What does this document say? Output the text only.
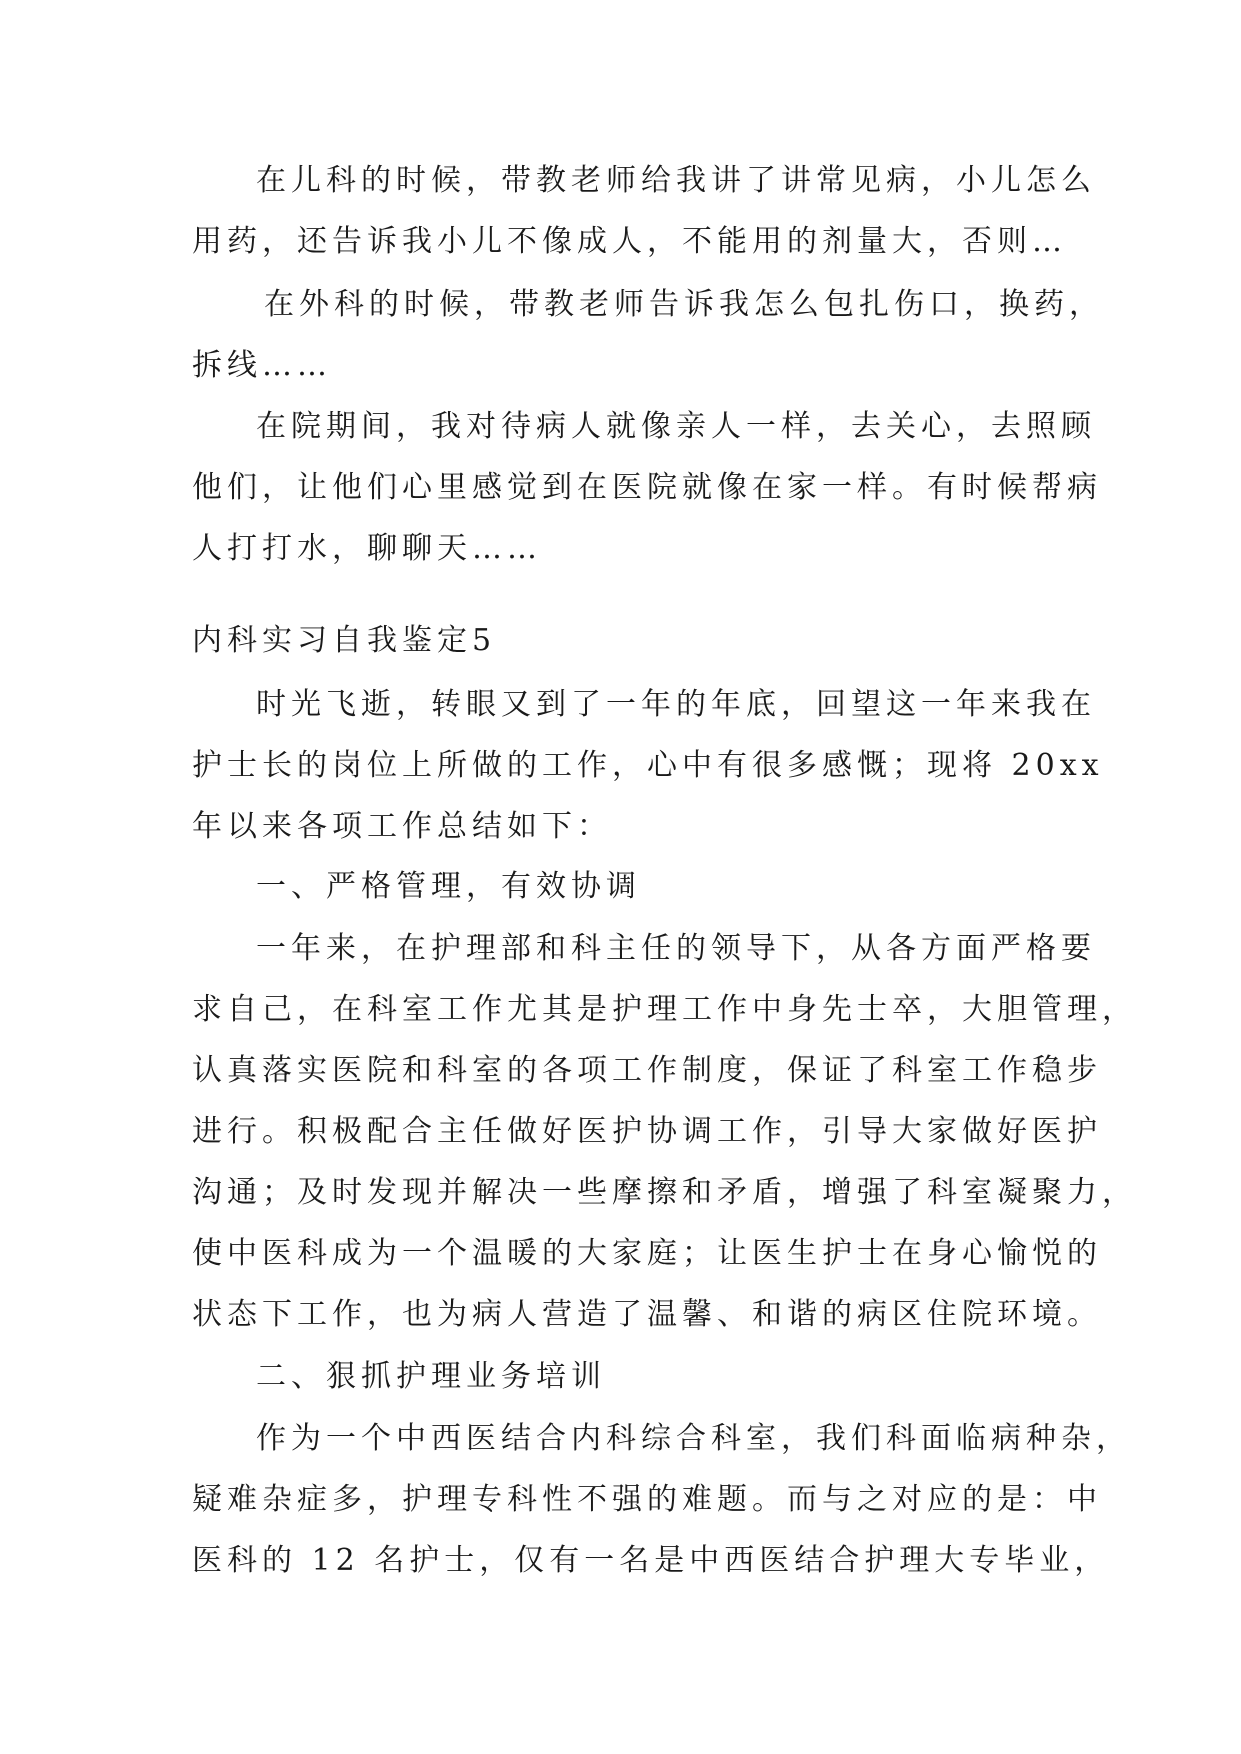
在儿科的时候，带教老师给我讲了讲常见病，小儿怎么
用药，还告诉我小儿不像成人，不能用的剂量大，否则…
在外科的时候，带教老师告诉我怎么包扎伤口，换药，
拆线……
在院期间，我对待病人就像亲人一样，去关心，去照顾
他们，让他们心里感觉到在医院就像在家一样。有时候帮病
人打打水，聊聊天……
内科实习自我鉴定5
时光飞逝，转眼又到了一年的年底，回望这一年来我在
护士长的岗位上所做的工作，心中有很多感慨；现将 20xx
年以来各项工作总结如下：
一、严格管理，有效协调
一年来，在护理部和科主任的领导下，从各方面严格要
求自己，在科室工作尤其是护理工作中身先士卒，大胆管理，
认真落实医院和科室的各项工作制度，保证了科室工作稳步
进行。积极配合主任做好医护协调工作，引导大家做好医护
沟通；及时发现并解决一些摩擦和矛盾，增强了科室凝聚力，
使中医科成为一个温暖的大家庭；让医生护士在身心愉悦的
状态下工作，也为病人营造了温馨、和谐的病区住院环境。
二、狠抓护理业务培训
作为一个中西医结合内科综合科室，我们科面临病种杂，
疑难杂症多，护理专科性不强的难题。而与之对应的是：中
医科的 12 名护士，仅有一名是中西医结合护理大专毕业，
